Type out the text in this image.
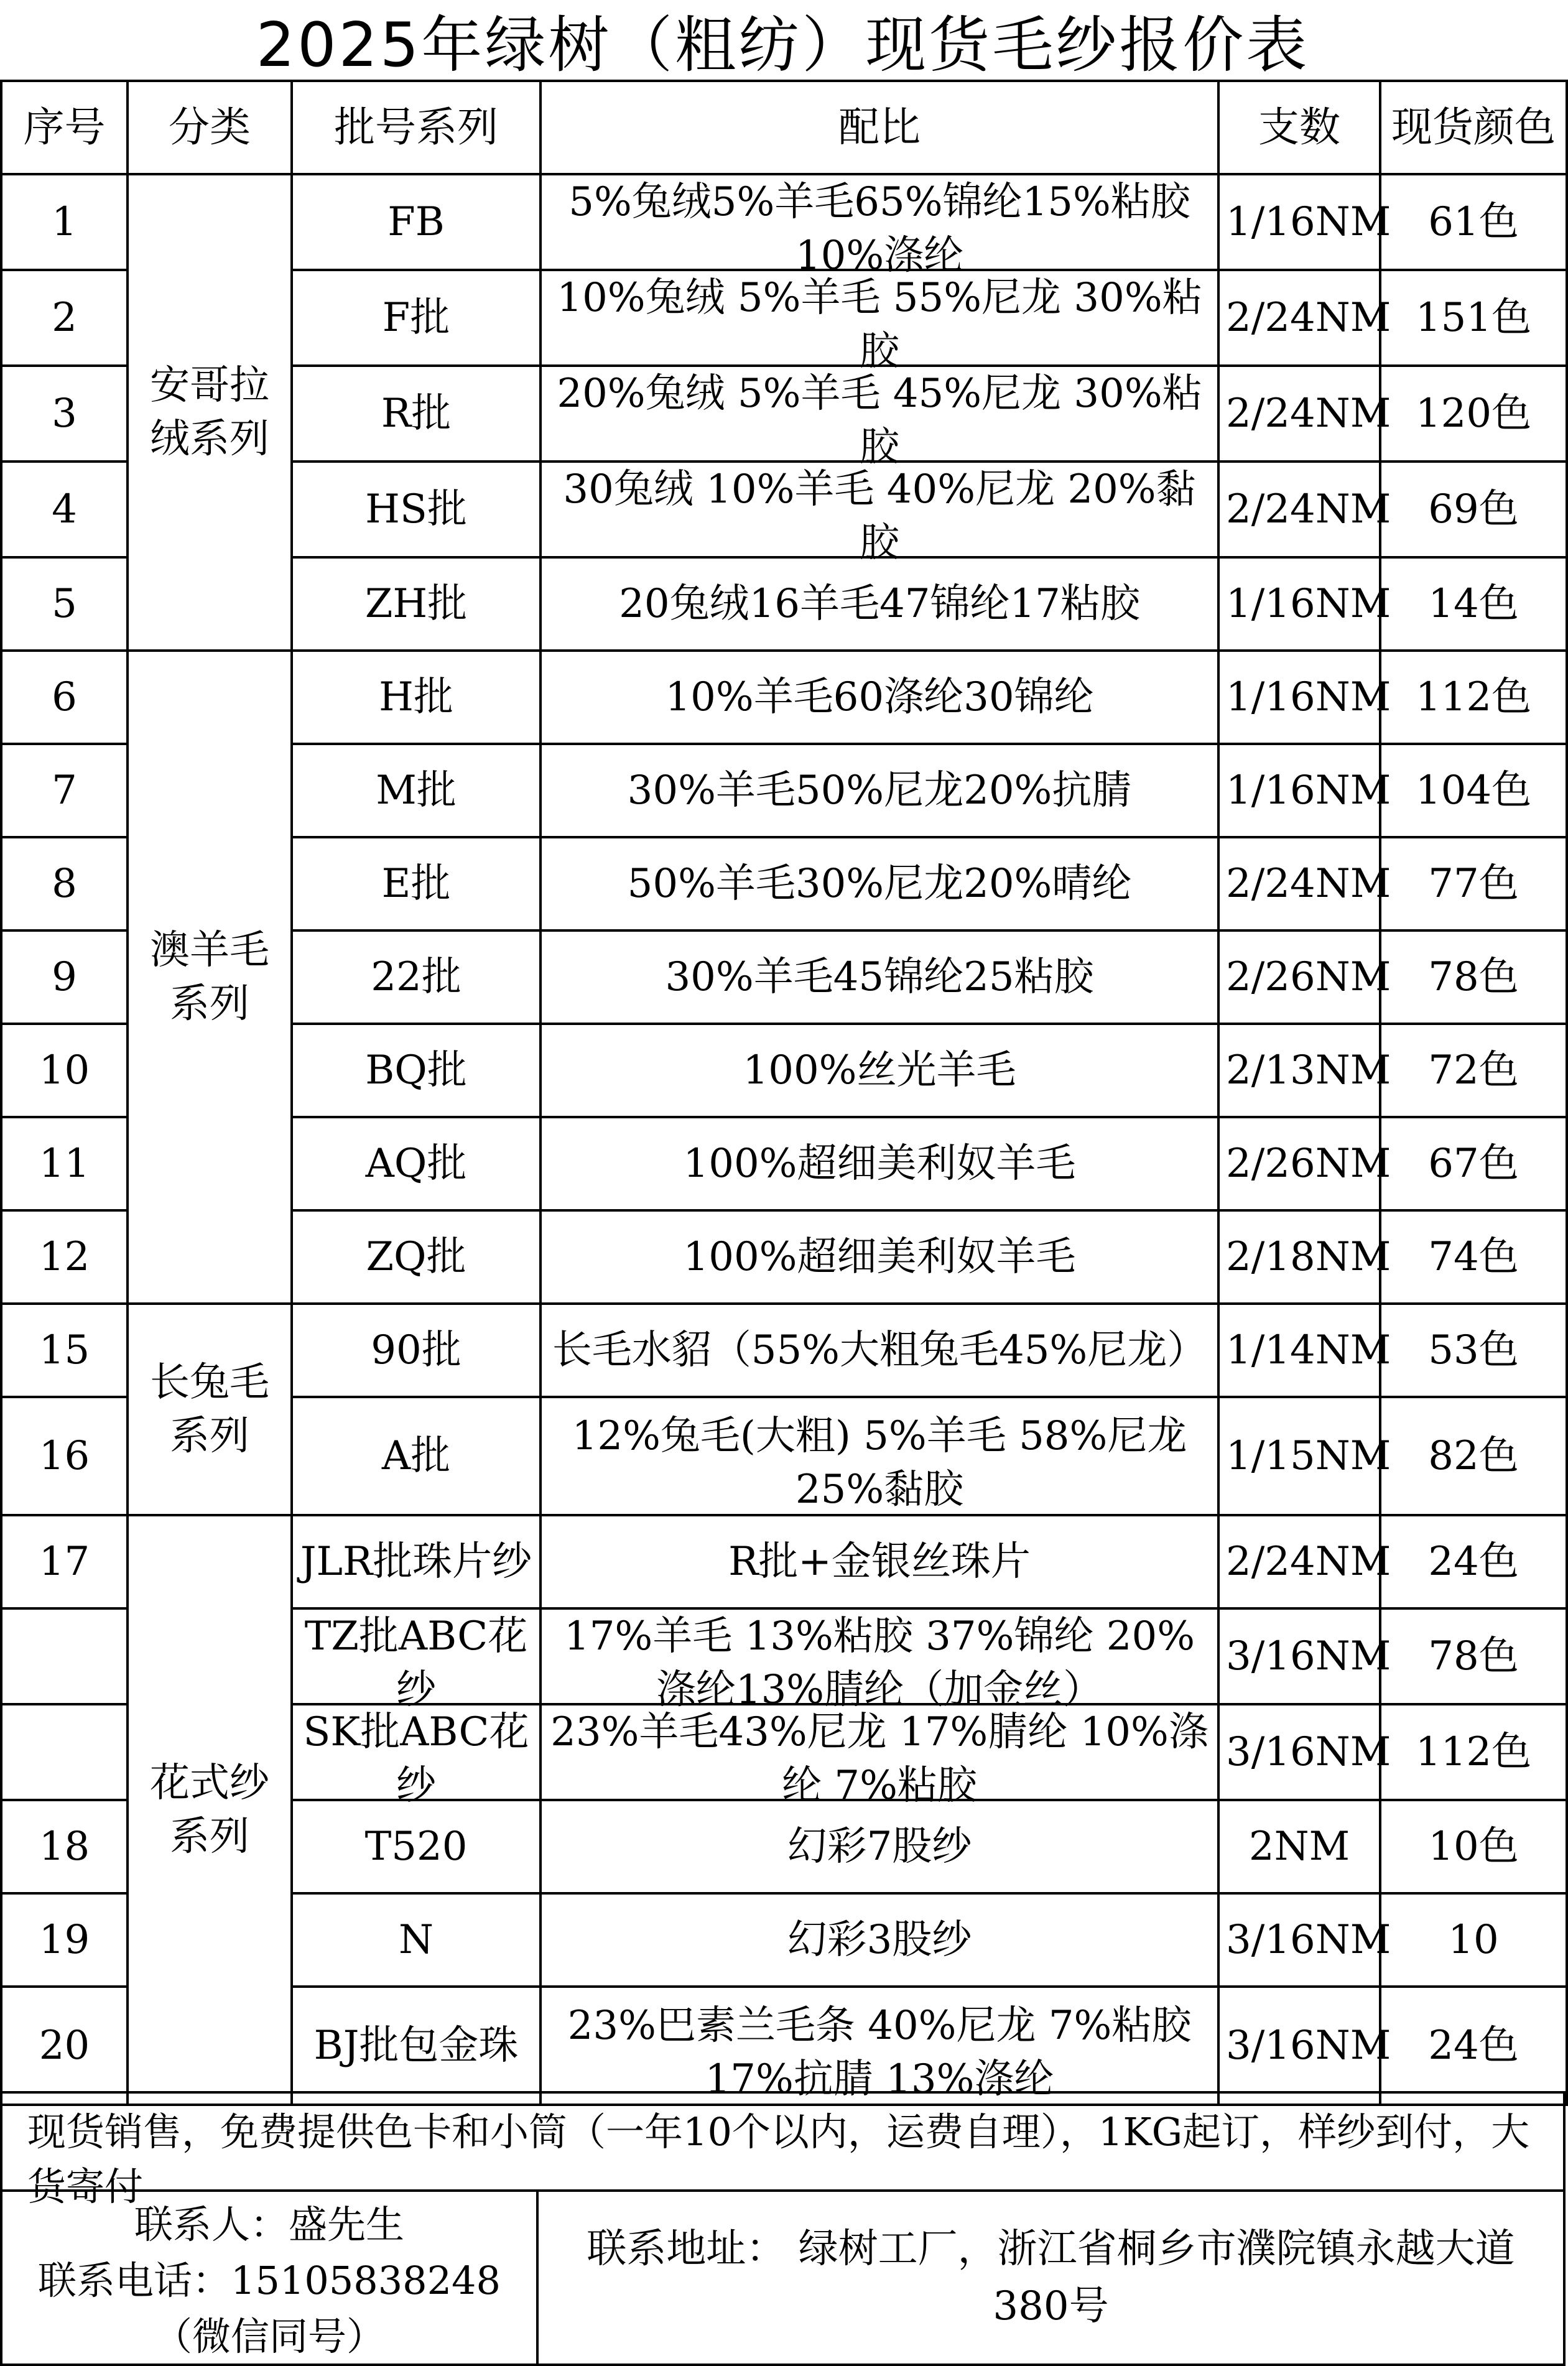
2025年绿树（粗纺）现货毛纱报价表
序号	分类	批号系列	配比	支数	现货颜色

1	安哥拉绒系列	FB	5%兔绒5%羊毛65%锦纶15%粘胶10%涤纶	1/16NM	61色

2		F批	10%兔绒 5%羊毛 55%尼龙 30%粘胶	2/24NM	151色

3		R批	20%兔绒 5%羊毛 45%尼龙 30%粘胶	2/24NM	120色

4		HS批	30兔绒 10%羊毛 40%尼龙 20%黏胶	2/24NM	69色

5		ZH批	20兔绒16羊毛47锦纶17粘胶	1/16NM	14色

6	澳羊毛系列	H批	10%羊毛60涤纶30锦纶	1/16NM	112色

7		M批	30%羊毛50%尼龙20%抗腈	1/16NM	104色

8		E批	50%羊毛30%尼龙20%晴纶	2/24NM	77色

9		22批	30%羊毛45锦纶25粘胶	2/26NM	78色

10		BQ批	100%丝光羊毛	2/13NM	72色

11		AQ批	100%超细美利奴羊毛	2/26NM	67色

12		ZQ批	100%超细美利奴羊毛	2/18NM	74色

15	长兔毛系列	90批	长毛水貂（55%大粗兔毛45%尼龙）	1/14NM	53色

16		A批	12%兔毛(大粗) 5%羊毛 58%尼龙 25%黏胶	1/15NM	82色

17	花式纱系列	JLR批珠片纱	R批+金银丝珠片	2/24NM	24色

		TZ批ABC花纱	17%羊毛 13%粘胶 37%锦纶 20%涤纶13%腈纶（加金丝）	3/16NM	78色

		SK批ABC花纱	23%羊毛43%尼龙 17%腈纶 10%涤纶 7%粘胶	3/16NM	112色

18		T520	幻彩7股纱	2NM	10色

19		N	幻彩3股纱	3/16NM	10

20		BJ批包金珠	23%巴素兰毛条 40%尼龙 7%粘胶 17%抗腈 13%涤纶	3/16NM	24色
现货销售，免费提供色卡和小筒（一年10个以内，运费自理），1KG起订，样纱到付，大货寄付
联系人：盛先生
联系电话：15105838248
（微信同号）
联系地址： 绿树工厂，浙江省桐乡市濮院镇永越大道380号
